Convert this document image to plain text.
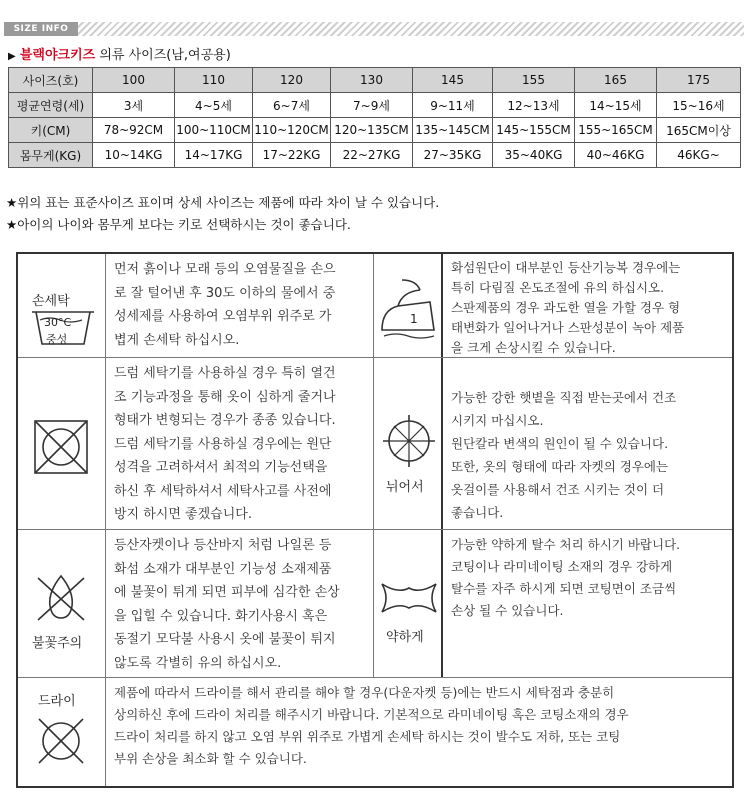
SIZE INFO
▶ 블랙야크키즈 의류 사이즈(남,여공용)
사이즈(호)	100	110	120	130	145	155	165	175
평균연령(세)	3세	4~5세	6~7세	7~9세	9~11세	12~13세	14~15세	15~16세
키(CM)	78~92CM	100~110CM	110~120CM	120~135CM	135~145CM	145~155CM	155~165CM	165CM이상
몸무게(KG)	10~14KG	14~17KG	17~22KG	22~27KG	27~35KG	35~40KG	40~46KG	46KG~
★위의 표는 표준사이즈 표이며 상세 사이즈는 제품에 따라 차이 날 수 있습니다.
★아이의 나이와 몸무게 보다는 키로 선택하시는 것이 좋습니다.
손세탁
30°C
중성
먼저 흙이나 모래 등의 오염물질을 손으
로 잘 털어낸 후 30도 이하의 물에서 중
성세제를 사용하여 오염부위 위주로 가
볍게 손세탁 하십시오.
1
화섬원단이 대부분인 등산기능복 경우에는
특히 다림질 온도조절에 유의 하십시오.
스판제품의 경우 과도한 열을 가할 경우 형
태변화가 일어나거나 스판성분이 녹아 제품
을 크게 손상시킬 수 있습니다.
드럼 세탁기를 사용하실 경우 특히 열건
조 기능과정을 통해 옷이 심하게 줄거나
형태가 변형되는 경우가 종종 있습니다.
드럼 세탁기를 사용하실 경우에는 원단
성격을 고려하셔서 최적의 기능선택을
하신 후 세탁하셔서 세탁사고를 사전에
방지 하시면 좋겠습니다.
뉘어서
가능한 강한 햇볕을 직접 받는곳에서 건조
시키지 마십시오.
원단칼라 변색의 원인이 될 수 있습니다.
또한, 옷의 형태에 따라 자켓의 경우에는
옷걸이를 사용해서 건조 시키는 것이 더
좋습니다.
불꽃주의
등산자켓이나 등산바지 처럼 나일론 등
화섬 소재가 대부분인 기능성 소재제품
에 불꽃이 튀게 되면 피부에 심각한 손상
을 입힐 수 있습니다. 화기사용시 혹은
동절기 모닥불 사용시 옷에 불꽃이 튀지
않도록 각별히 유의 하십시오.
약하게
가능한 약하게 탈수 처리 하시기 바랍니다.
코팅이나 라미네이팅 소재의 경우 강하게
탈수를 자주 하시게 되면 코팅면이 조금씩
손상 될 수 있습니다.
드라이
제품에 따라서 드라이를 해서 관리를 해야 할 경우(다운자켓 등)에는 반드시 세탁점과 충분히
상의하신 후에 드라이 처리를 해주시기 바랍니다. 기본적으로 라미네이팅 혹은 코팅소재의 경우
드라이 처리를 하지 않고 오염 부위 위주로 가볍게 손세탁 하시는 것이 발수도 저하, 또는 코팅
부위 손상을 최소화 할 수 있습니다.
